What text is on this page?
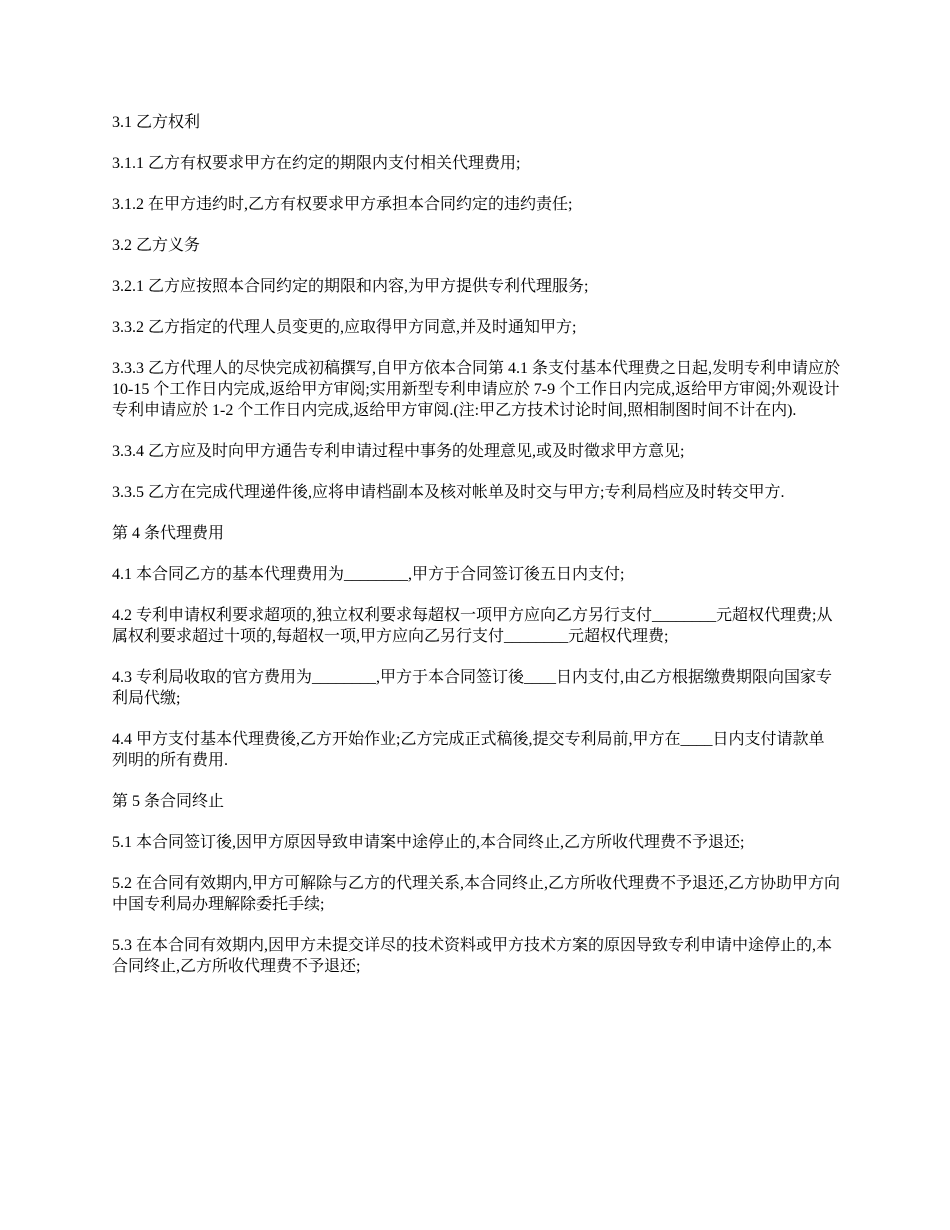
3.1 乙方权利

3.1.1 乙方有权要求甲方在约定的期限内支付相关代理费用;

3.1.2 在甲方违约时,乙方有权要求甲方承担本合同约定的违约责任;

3.2 乙方义务

3.2.1 乙方应按照本合同约定的期限和内容,为甲方提供专利代理服务;

3.3.2 乙方指定的代理人员变更的,应取得甲方同意,并及时通知甲方;

3.3.3 乙方代理人的尽快完成初稿撰写,自甲方依本合同第 4.1 条支付基本代理费之日起,发明专利申请应於 10-15 个工作日内完成,返给甲方审阅;实用新型专利申请应於 7-9 个工作日内完成,返给甲方审阅;外观设计专利申请应於 1-2 个工作日内完成,返给甲方审阅.(注:甲乙方技术讨论时间,照相制图时间不计在内).

3.3.4 乙方应及时向甲方通告专利申请过程中事务的处理意见,或及时徵求甲方意见;

3.3.5 乙方在完成代理递件後,应将申请档副本及核对帐单及时交与甲方;专利局档应及时转交甲方.

第 4 条代理费用

4.1 本合同乙方的基本代理费用为________,甲方于合同签订後五日内支付;

4.2 专利申请权利要求超项的,独立权利要求每超权一项甲方应向乙方另行支付________元超权代理费;从属权利要求超过十项的,每超权一项,甲方应向乙另行支付________元超权代理费;

4.3 专利局收取的官方费用为________,甲方于本合同签订後____日内支付,由乙方根据缴费期限向国家专利局代缴;

4.4 甲方支付基本代理费後,乙方开始作业;乙方完成正式稿後,提交专利局前,甲方在____日内支付请款单列明的所有费用.

第 5 条合同终止

5.1 本合同签订後,因甲方原因导致申请案中途停止的,本合同终止,乙方所收代理费不予退还;

5.2 在合同有效期内,甲方可解除与乙方的代理关系,本合同终止,乙方所收代理费不予退还,乙方协助甲方向中国专利局办理解除委托手续;

5.3 在本合同有效期内,因甲方未提交详尽的技术资料或甲方技术方案的原因导致专利申请中途停止的,本合同终止,乙方所收代理费不予退还;
